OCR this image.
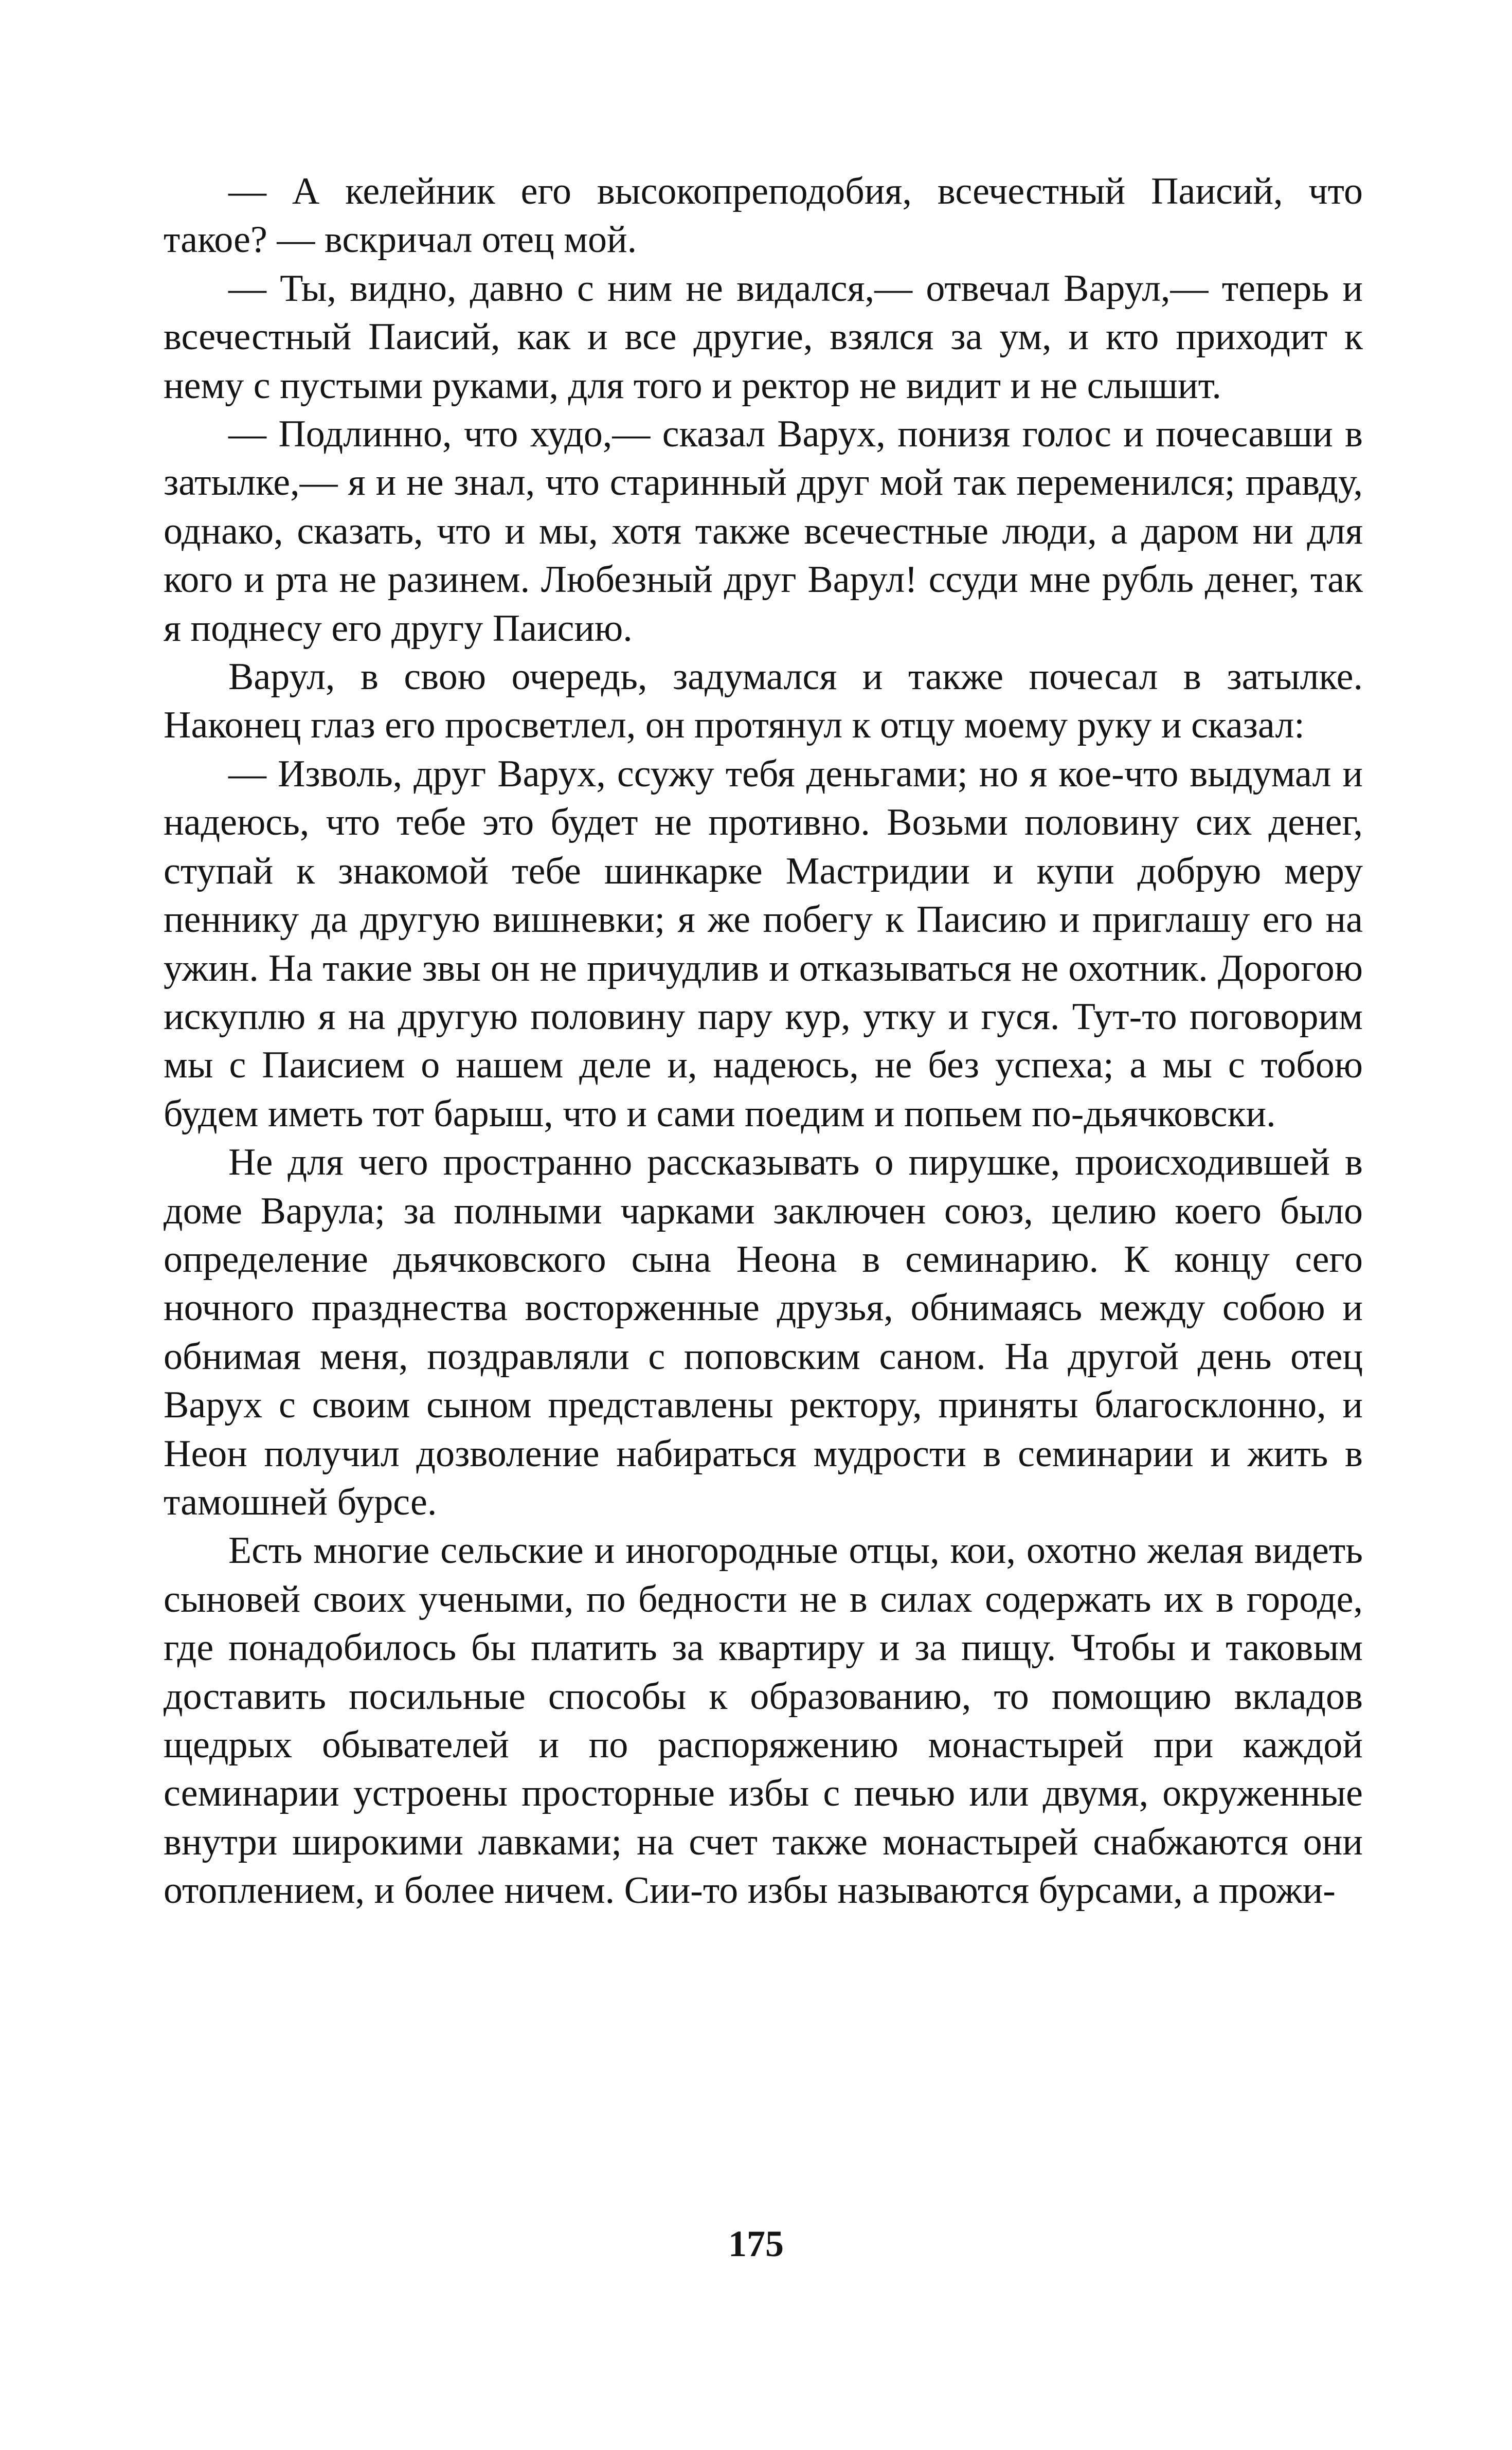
— А келейник его высокопреподобия, всечестный Паисий, что такое? — вскричал отец мой.

— Ты, видно, давно с ним не видался,— отвечал Варул,— теперь и всечестный Паисий, как и все другие, взялся за ум, и кто приходит к нему с пустыми руками, для того и ректор не видит и не слышит.

— Подлинно, что худо,— сказал Варух, понизя голос и почесавши в затылке,— я и не знал, что старинный друг мой так переменился; правду, однако, сказать, что и мы, хотя также всечестные люди, а даром ни для кого и рта не разинем. Любезный друг Варул! ссуди мне рубль денег, так я поднесу его другу Паисию.

Варул, в свою очередь, задумался и также почесал в затылке. Наконец глаз его просветлел, он протянул к отцу моему руку и сказал:

— Изволь, друг Варух, ссужу тебя деньгами; но я кое-что выдумал и надеюсь, что тебе это будет не противно. Возьми половину сих денег, ступай к знакомой тебе шинкарке Мастридии и купи добрую меру пеннику да другую вишневки; я же побегу к Паисию и приглашу его на ужин. На такие звы он не причудлив и отказываться не охотник. Дорогою искуплю я на другую половину пару кур, утку и гуся. Тут-то поговорим мы с Паисием о нашем деле и, надеюсь, не без успеха; а мы с тобою будем иметь тот барыш, что и сами поедим и попьем по-дьячковски.

Не для чего пространно рассказывать о пирушке, происходившей в доме Варула; за полными чарками заключен союз, целию коего было определение дьячковского сына Неона в семинарию. К концу сего ночного празднества восторженные друзья, обнимаясь между собою и обнимая меня, поздравляли с поповским саном. На другой день отец Варух с своим сыном представлены ректору, приняты благосклонно, и Неон получил дозволение набираться мудрости в семинарии и жить в тамошней бурсе.

Есть многие сельские и иногородные отцы, кои, охотно желая видеть сыновей своих учеными, по бедности не в силах содержать их в городе, где понадобилось бы платить за квартиру и за пищу. Чтобы и таковым доставить посильные способы к образованию, то помощию вкладов щедрых обывателей и по распоряжению монастырей при каждой семинарии устроены просторные избы с печью или двумя, окруженные внутри широкими лавками; на счет также монастырей снабжаются они отоплением, и более ничем. Сии-то избы называются бурсами, а прожи-

175
